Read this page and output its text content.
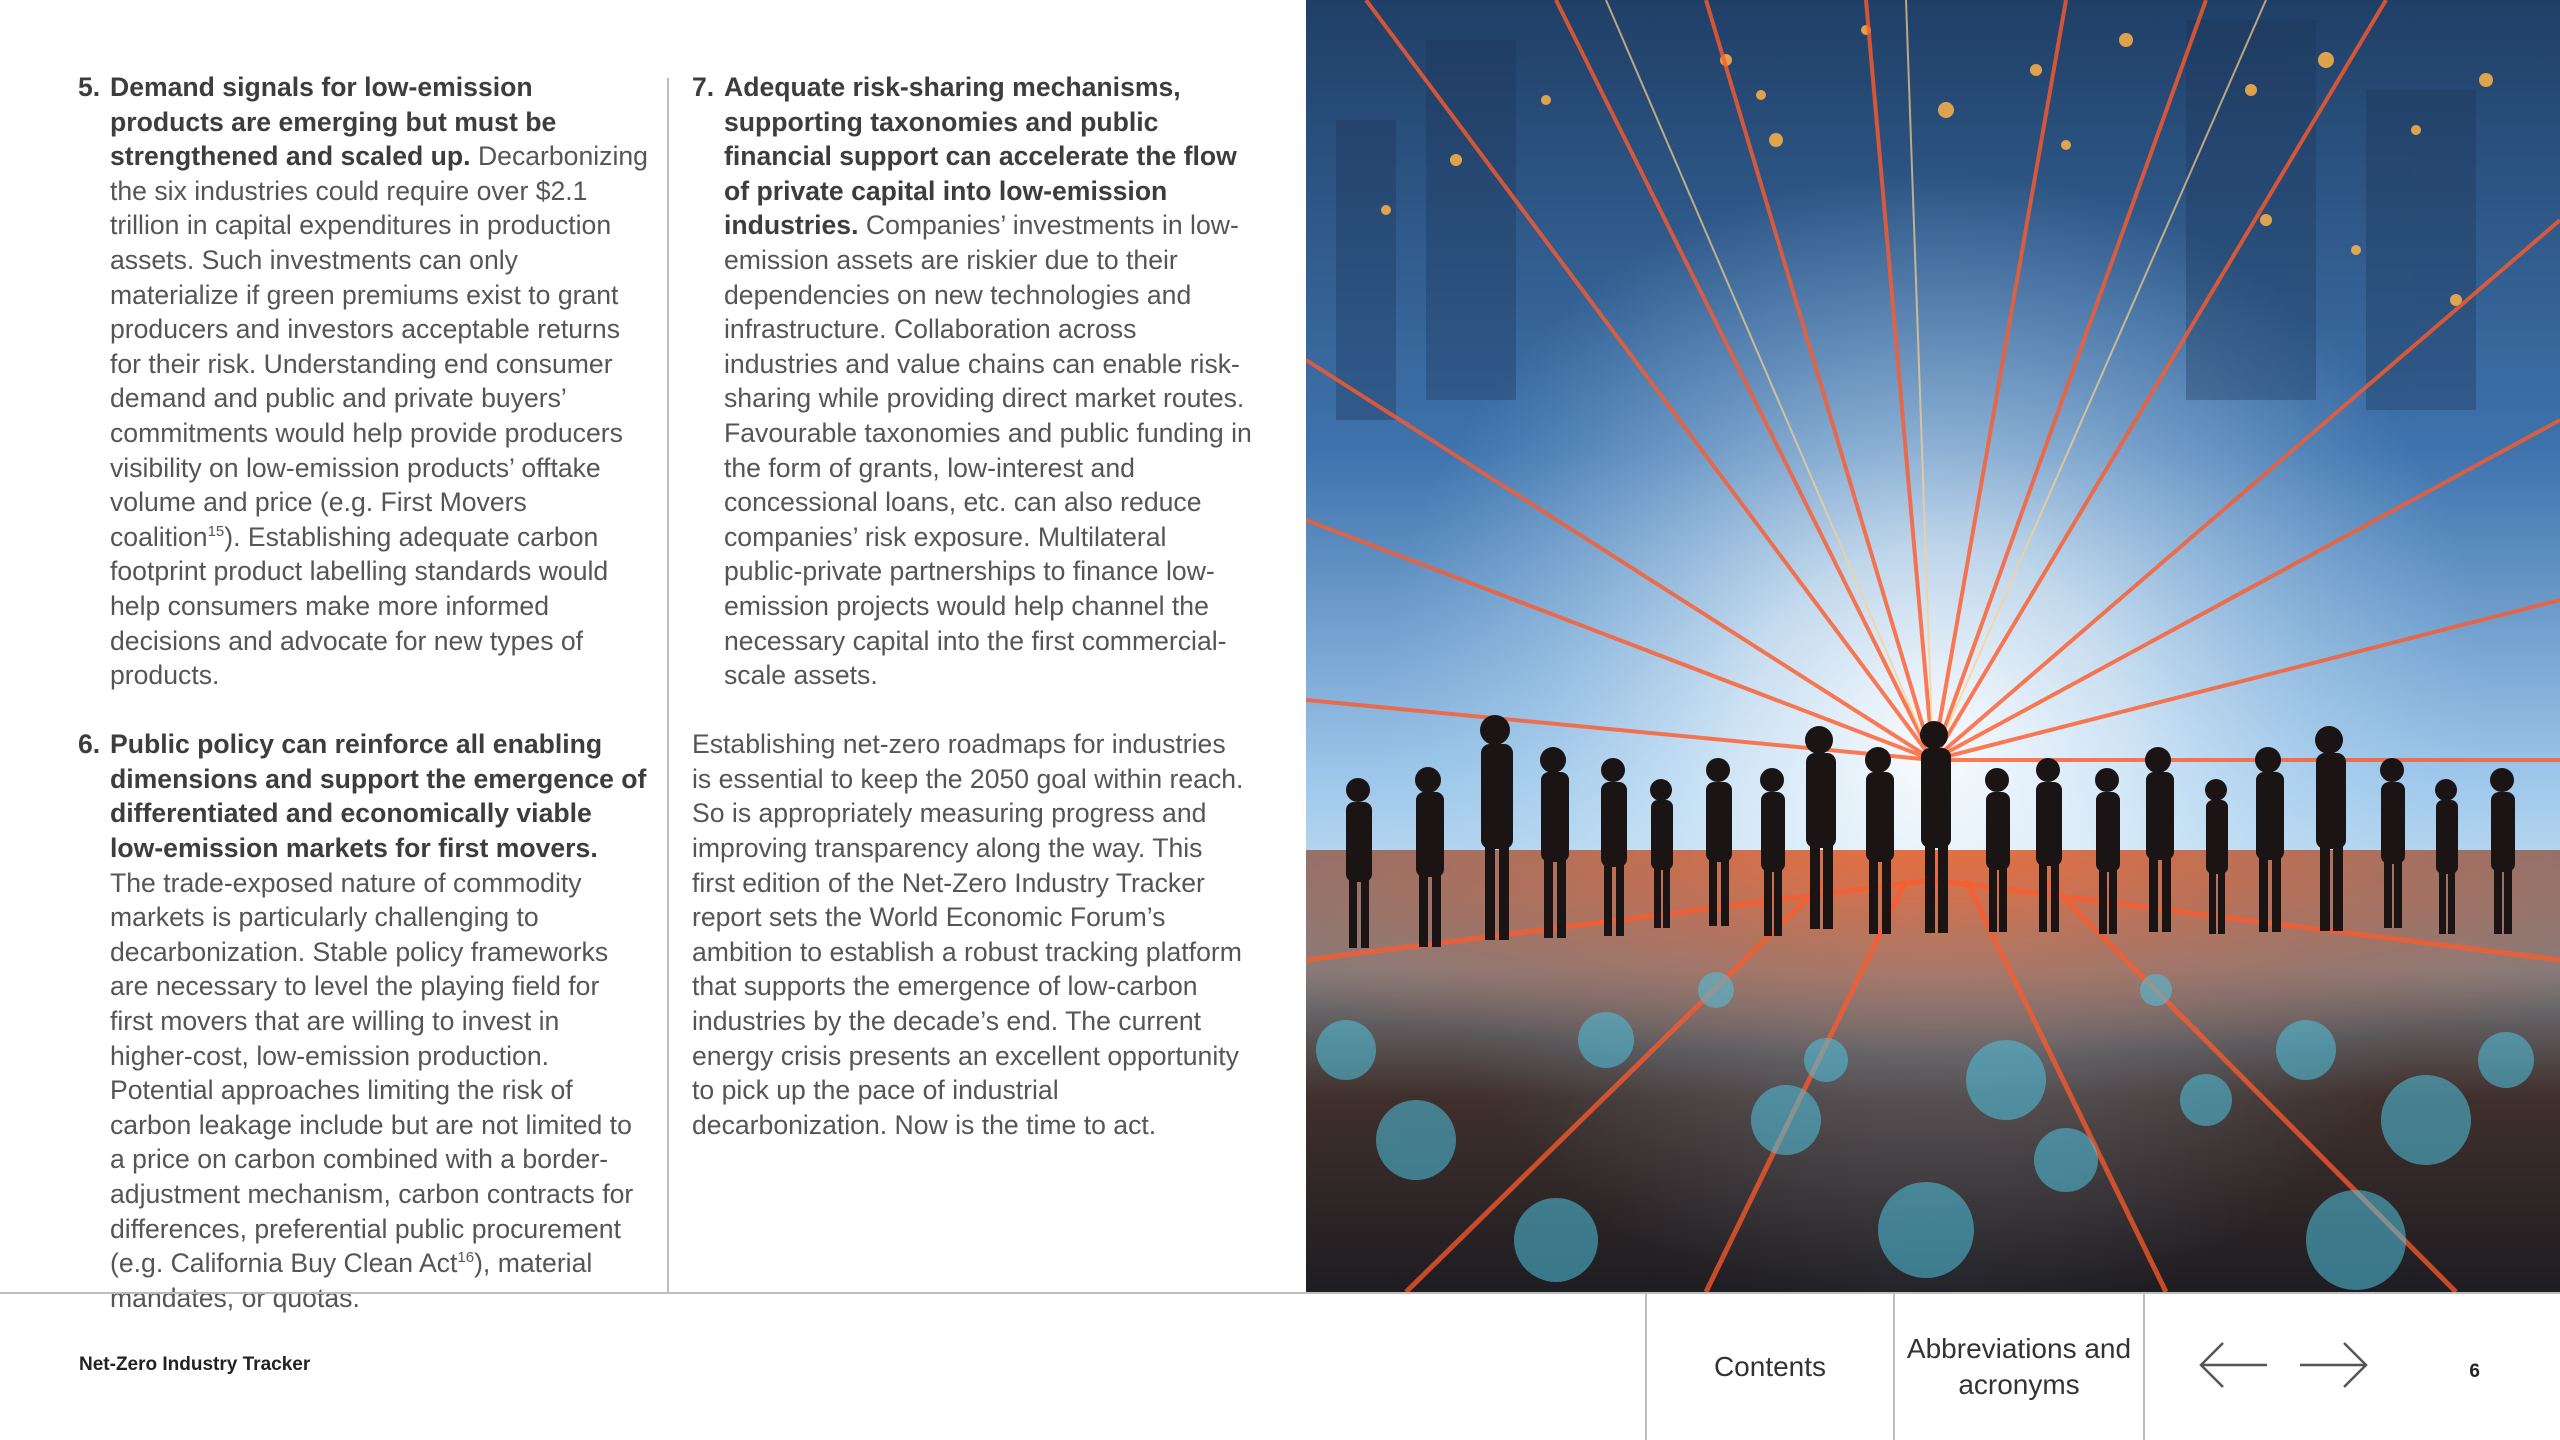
5. Demand signals for low-emission products are emerging but must be strengthened and scaled up. Decarbonizing the six industries could require over $2.1 trillion in capital expenditures in production assets. Such investments can only materialize if green premiums exist to grant producers and investors acceptable returns for their risk. Understanding end consumer demand and public and private buyers’ commitments would help provide producers visibility on low-emission products’ offtake volume and price (e.g. First Movers coalition$^{15}$). Establishing adequate carbon footprint product labelling standards would help consumers make more informed decisions and advocate for new types of products.
6. Public policy can reinforce all enabling dimensions and support the emergence of differentiated and economically viable low-emission markets for first movers. The trade-exposed nature of commodity markets is particularly challenging to decarbonization. Stable policy frameworks are necessary to level the playing field for first movers that are willing to invest in higher-cost, low-emission production. Potential approaches limiting the risk of carbon leakage include but are not limited to a price on carbon combined with a border-adjustment mechanism, carbon contracts for differences, preferential public procurement (e.g. California Buy Clean Act$^{16}$), material mandates, or quotas.
7. Adequate risk-sharing mechanisms, supporting taxonomies and public financial support can accelerate the flow of private capital into low-emission industries. Companies’ investments in low-emission assets are riskier due to their dependencies on new technologies and infrastructure. Collaboration across industries and value chains can enable risk-sharing while providing direct market routes. Favourable taxonomies and public funding in the form of grants, low-interest and concessional loans, etc. can also reduce companies’ risk exposure. Multilateral public-private partnerships to finance low-emission projects would help channel the necessary capital into the first commercial-scale assets.

Establishing net-zero roadmaps for industries is essential to keep the 2050 goal within reach. So is appropriately measuring progress and improving transparency along the way. This first edition of the Net-Zero Industry Tracker report sets the World Economic Forum’s ambition to establish a robust tracking platform that supports the emergence of low-carbon industries by the decade’s end. The current energy crisis presents an excellent opportunity to pick up the pace of industrial decarbonization. Now is the time to act.

Net-Zero Industry Tracker	Contents
Abbreviations and acronyms	6
